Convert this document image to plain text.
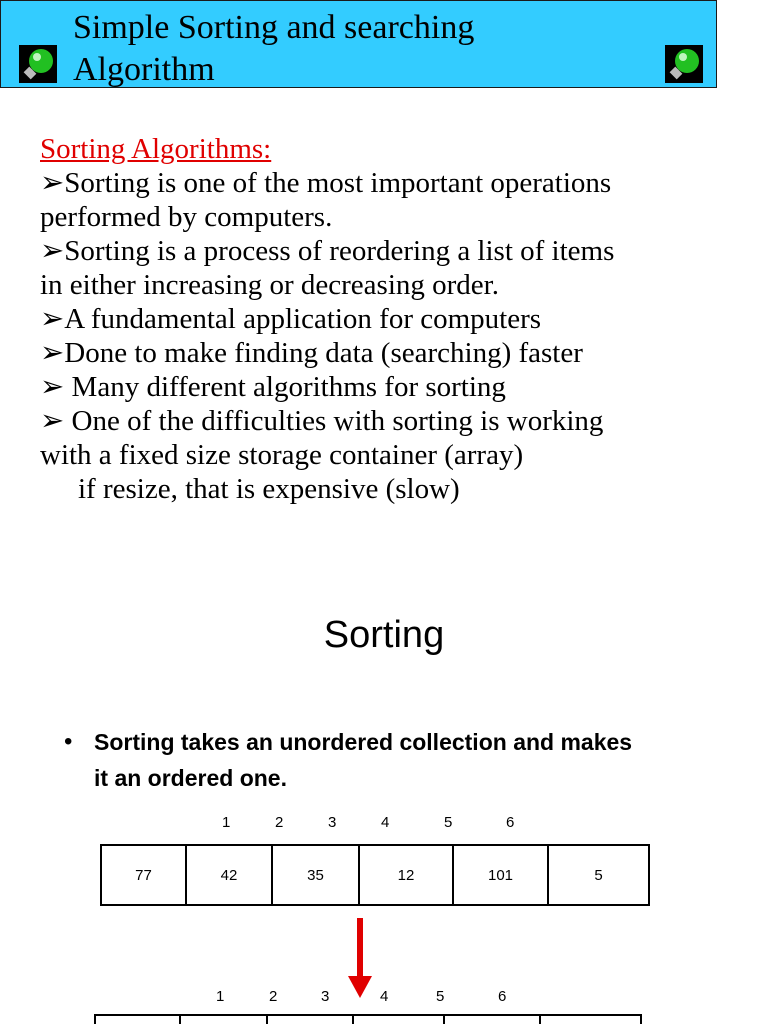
Simple Sorting and searching
Algorithm
Sorting Algorithms:
➢Sorting is one of the most important operations
performed by computers.
➢Sorting is a process of reordering a list of items
in either increasing or decreasing order.
➢A fundamental application for computers
➢Done to make finding data (searching) faster
➢ Many different algorithms for sorting
➢ One of the difficulties with sorting is working
with a fixed size storage container (array)
if resize, that is expensive (slow)
Sorting
• Sorting takes an unordered collection and makes
it an ordered one.
1	2	3	4	5	6
77	42	35	12	101	5
1	2	3	4	5	6
